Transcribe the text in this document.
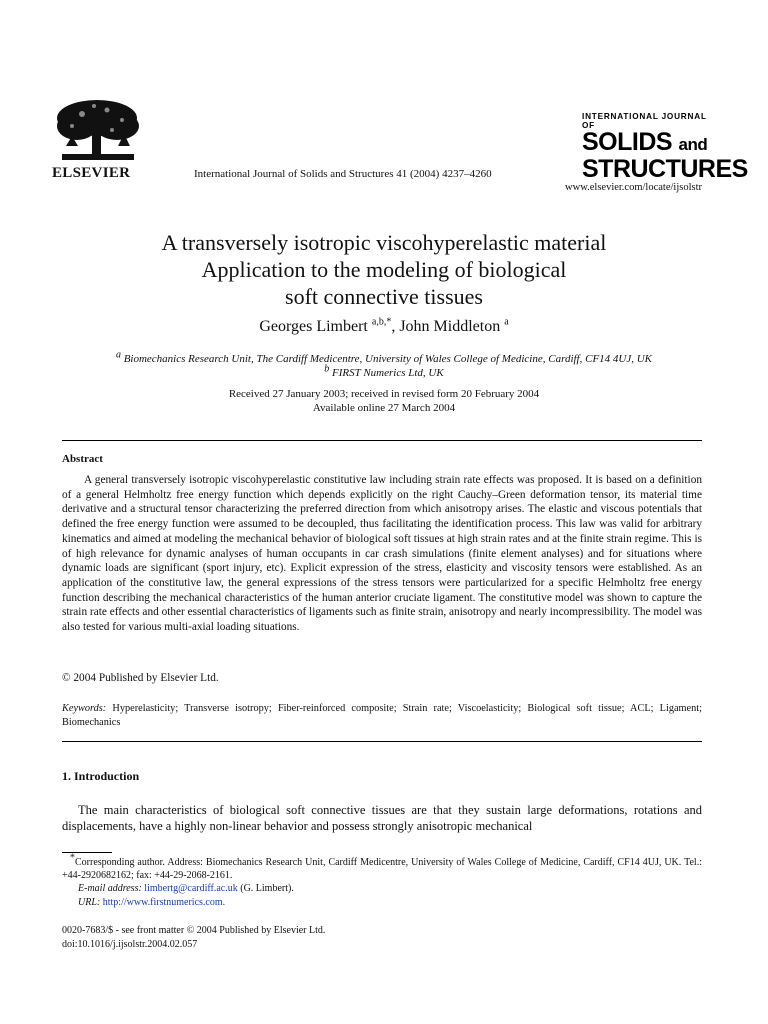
ELSEVIER	International Journal of Solids and Structures 41 (2004) 4237–4260
INTERNATIONAL JOURNAL OF
SOLIDS and
STRUCTURES
www.elsevier.com/locate/ijsolstr
A transversely isotropic viscohyperelastic material
Application to the modeling of biological
soft connective tissues
Georges Limbert $^{a,b,*}$, John Middleton $^a$
$^a$ Biomechanics Research Unit, The Cardiff Medicentre, University of Wales College of Medicine, Cardiff, CF14 4UJ, UK
$^b$ FIRST Numerics Ltd, UK
Received 27 January 2003; received in revised form 20 February 2004
Available online 27 March 2004
Abstract
A general transversely isotropic viscohyperelastic constitutive law including strain rate effects was proposed. It is based on a definition of a general Helmholtz free energy function which depends explicitly on the right Cauchy–Green deformation tensor, its material time derivative and a structural tensor characterizing the preferred direction from which anisotropy arises. The elastic and viscous potentials that defined the free energy function were assumed to be decoupled, thus facilitating the identification process. This law was valid for arbitrary kinematics and aimed at modeling the mechanical behavior of biological soft tissues at high strain rates and at the finite strain regime. This is of high relevance for dynamic analyses of human occupants in car crash simulations (finite element analyses) and for situations where dynamic loads are significant (sport injury, etc). Explicit expression of the stress, elasticity and viscosity tensors were established. As an application of the constitutive law, the general expressions of the stress tensors were particularized for a specific Helmholtz free energy function describing the mechanical characteristics of the human anterior cruciate ligament. The constitutive model was shown to capture the strain rate effects and other essential characteristics of ligaments such as finite strain, anisotropy and nearly incompressibility. The model was also tested for various multi-axial loading situations.
© 2004 Published by Elsevier Ltd.
Keywords: Hyperelasticity; Transverse isotropy; Fiber-reinforced composite; Strain rate; Viscoelasticity; Biological soft tissue; ACL; Ligament; Biomechanics
1. Introduction
The main characteristics of biological soft connective tissues are that they sustain large deformations, rotations and displacements, have a highly non-linear behavior and possess strongly anisotropic mechanical
*Corresponding author. Address: Biomechanics Research Unit, Cardiff Medicentre, University of Wales College of Medicine, Cardiff, CF14 4UJ, UK. Tel.: +44-2920682162; fax: +44-29-2068-2161.
E-mail address: limbertg@cardiff.ac.uk (G. Limbert).
URL: http://www.firstnumerics.com.
0020-7683/$ - see front matter © 2004 Published by Elsevier Ltd.
doi:10.1016/j.ijsolstr.2004.02.057
